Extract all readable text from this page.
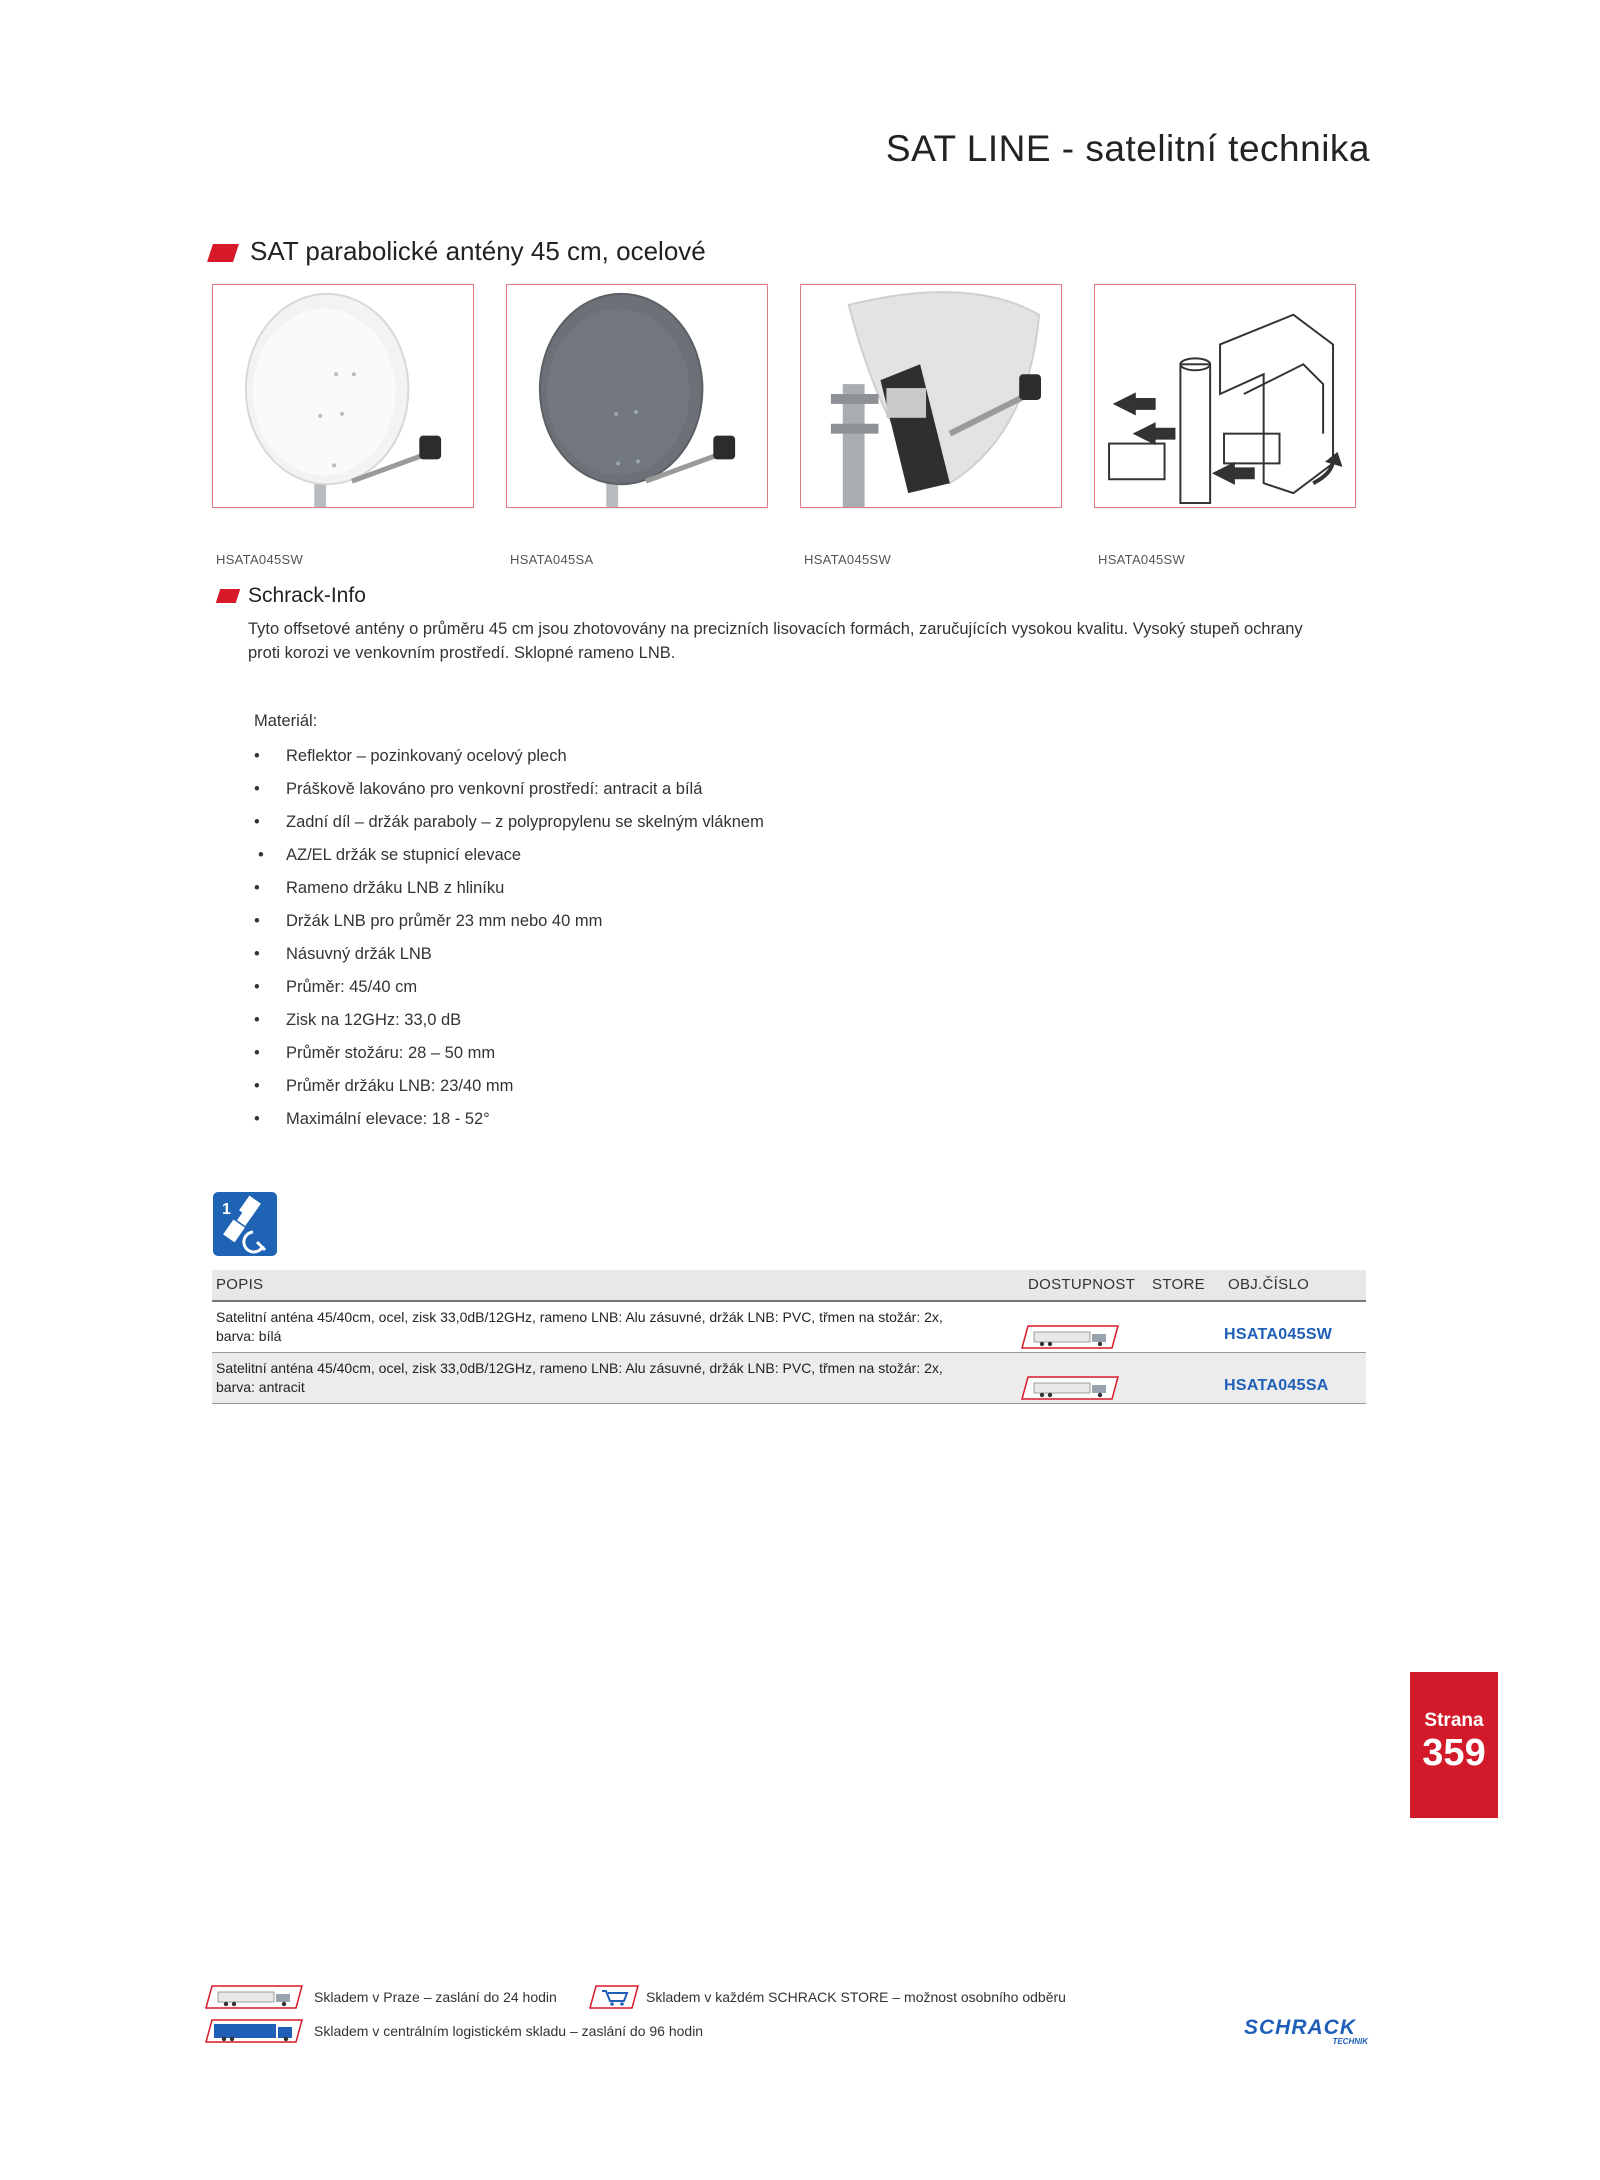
SAT LINE - satelitní technika
SAT parabolické antény 45 cm, ocelové
HSATA045SW	HSATA045SA	HSATA045SW	HSATA045SW
Schrack-Info
Tyto offsetové antény o průměru 45 cm jsou zhotovovány na precizních lisovacích formách, zaručujících vysokou kvalitu. Vysoký stupeň ochrany proti korozi ve venkovním prostředí. Sklopné rameno LNB.
Materiál:
• Reflektor – pozinkovaný ocelový plech
• Práškově lakováno pro venkovní prostředí: antracit a bílá
• Zadní díl – držák paraboly – z polypropylenu se skelným vláknem
• AZ/EL držák se stupnicí elevace
• Rameno držáku LNB z hliníku
• Držák LNB pro průměr 23 mm nebo 40 mm
• Násuvný držák LNB
• Průměr: 45/40 cm
• Zisk na 12GHz: 33,0 dB
• Průměr stožáru: 28 – 50 mm
• Průměr držáku LNB: 23/40 mm
• Maximální elevace: 18 - 52°
1
POPIS	DOSTUPNOST STORE OBJ.ČÍSLO
Satelitní anténa 45/40cm, ocel, zisk 33,0dB/12GHz, rameno LNB: Alu zásuvné, držák LNB: PVC, třmen na stožár: 2x,
barva: bílá	HSATA045SW
Satelitní anténa 45/40cm, ocel, zisk 33,0dB/12GHz, rameno LNB: Alu zásuvné, držák LNB: PVC, třmen na stožár: 2x,
barva: antracit	HSATA045SA
Strana
359
Skladem v Praze – zaslání do 24 hodin	Skladem v každém SCHRACK STORE – možnost osobního odběru
Skladem v centrálním logistickém skladu – zaslání do 96 hodin	SCHRACK
TECHNIK
